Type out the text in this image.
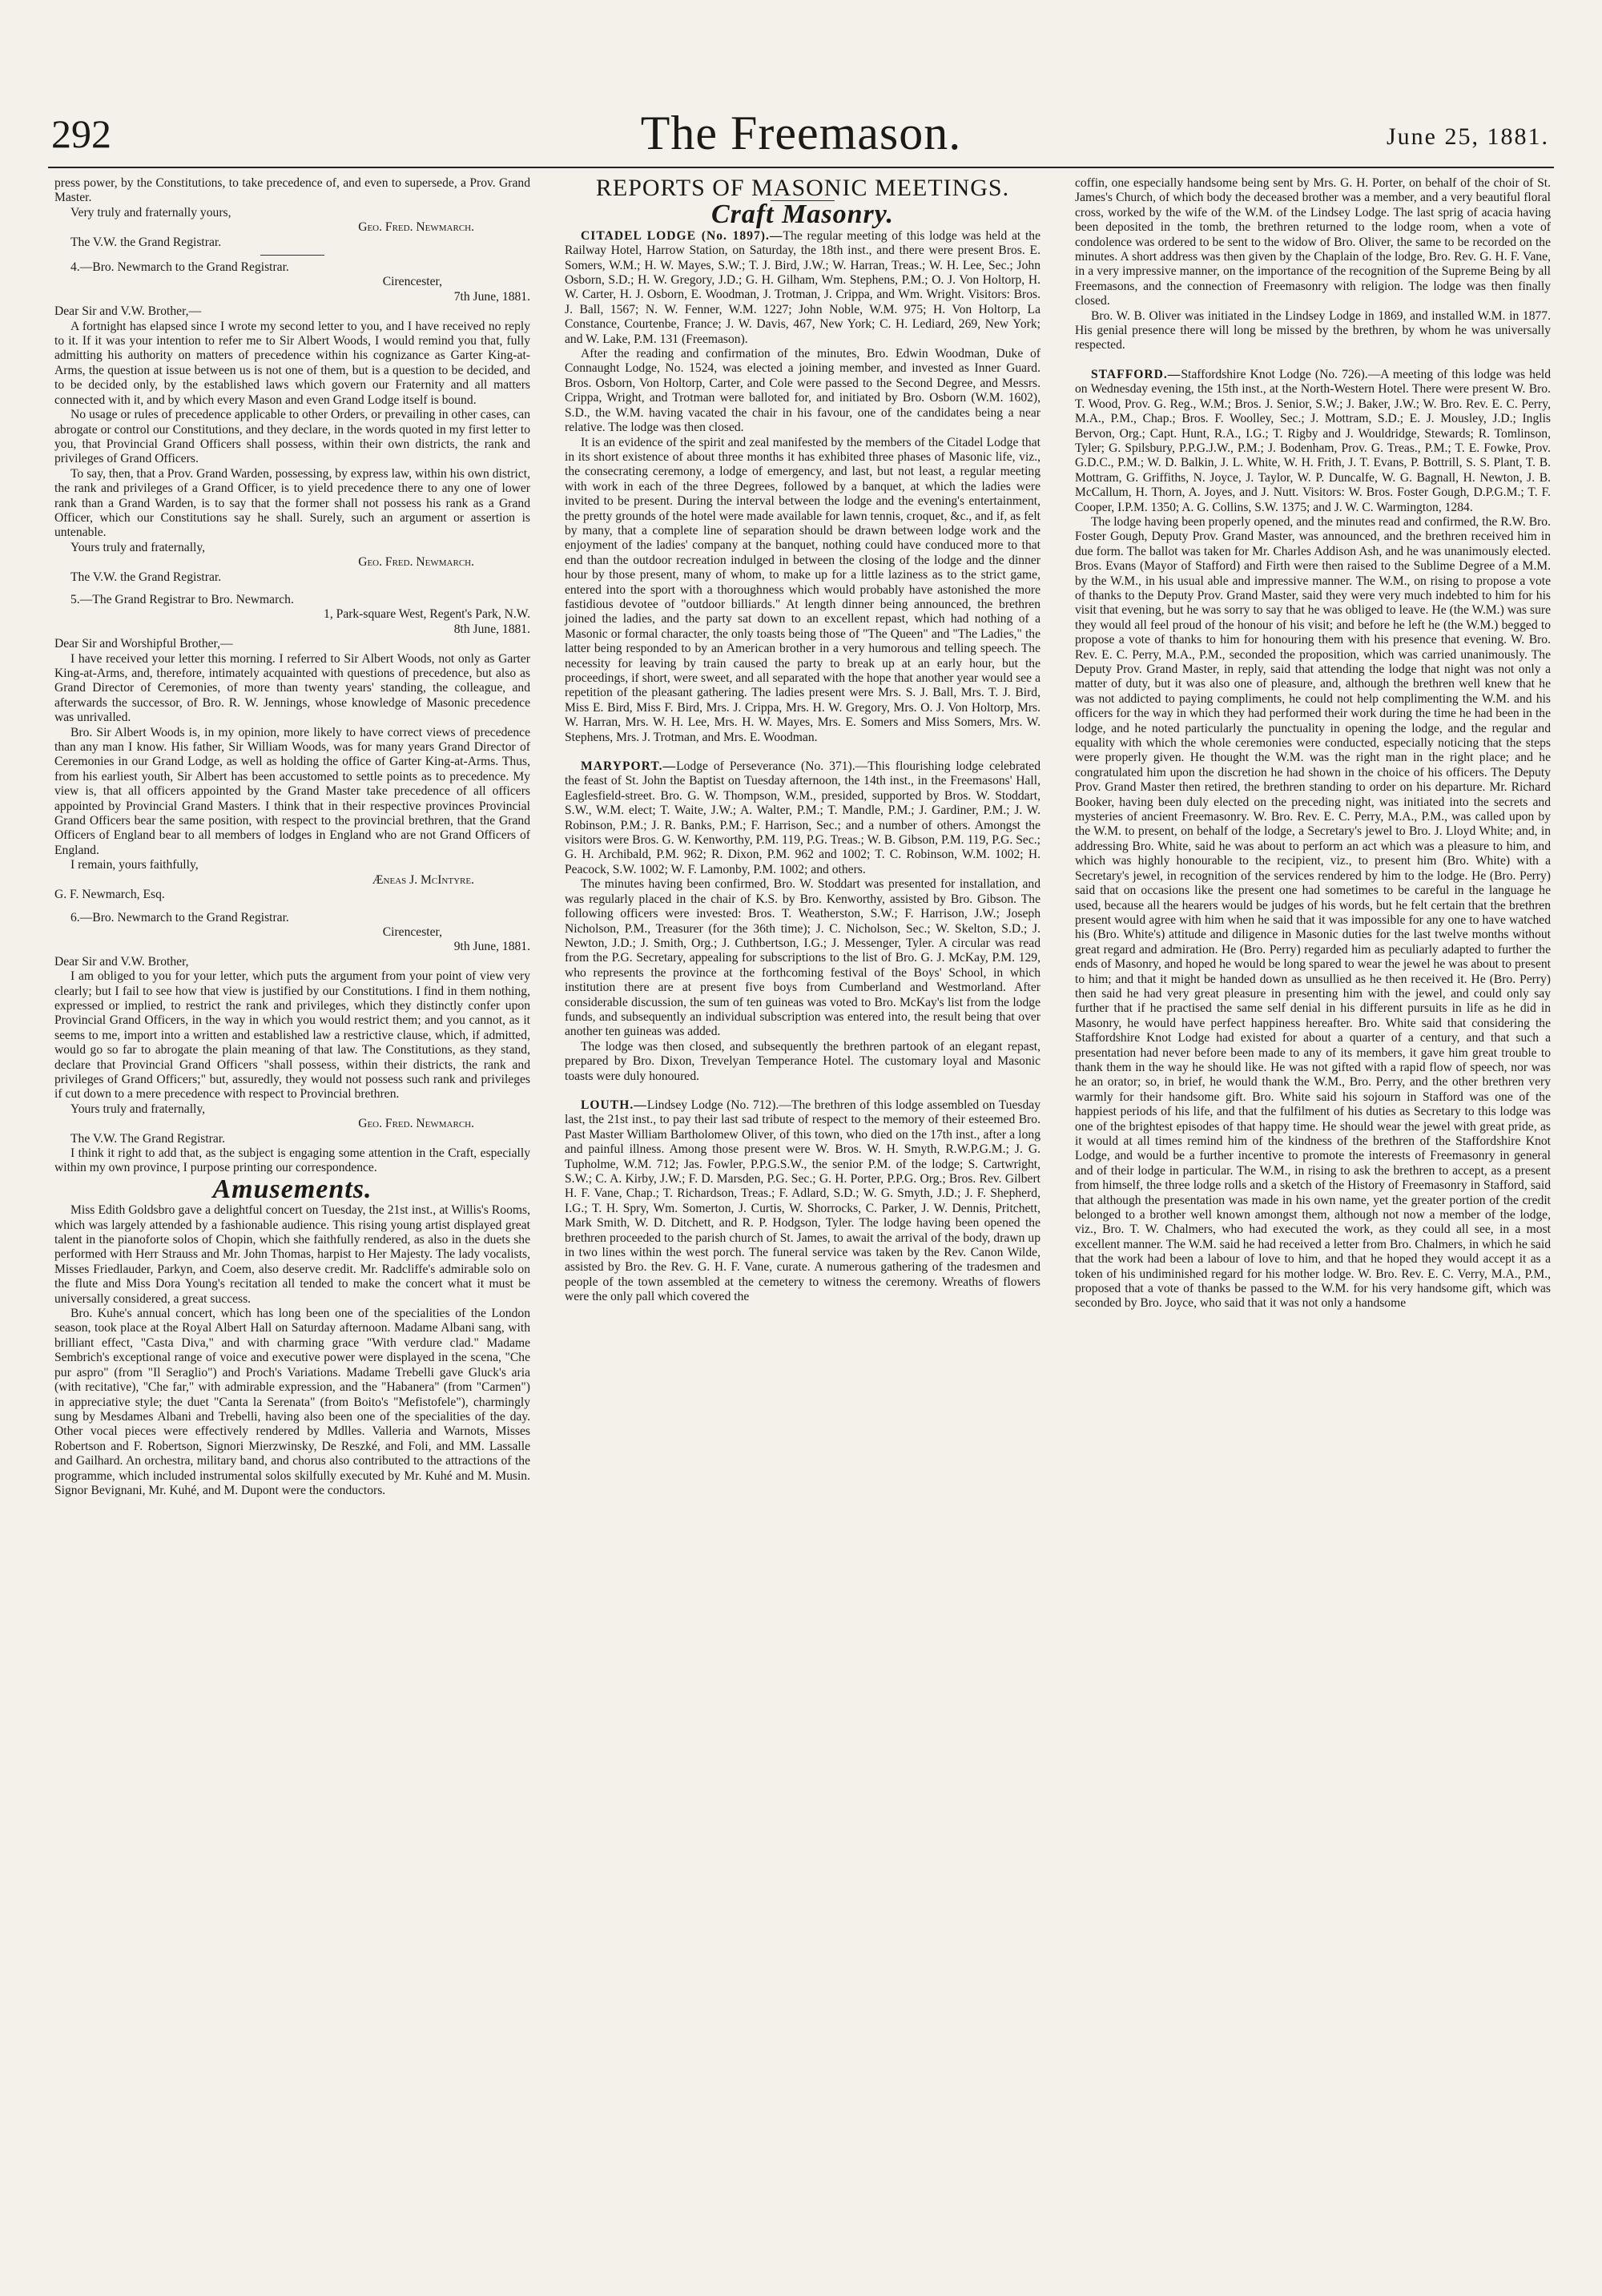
292	The Freemason.	June 25, 1881.

press power, by the Constitutions, to take precedence of, and even to supersede, a Prov. Grand Master.

Very truly and fraternally yours,

Geo. Fred. Newmarch.

The V.W. the Grand Registrar.

4.—Bro. Newmarch to the Grand Registrar.

Cirencester,

7th June, 1881.

Dear Sir and V.W. Brother,—

A fortnight has elapsed since I wrote my second letter to you, and I have received no reply to it. If it was your intention to refer me to Sir Albert Woods, I would remind you that, fully admitting his authority on matters of precedence within his cognizance as Garter King-at-Arms, the question at issue between us is not one of them, but is a question to be decided, and to be decided only, by the established laws which govern our Fraternity and all matters connected with it, and by which every Mason and even Grand Lodge itself is bound.

No usage or rules of precedence applicable to other Orders, or prevailing in other cases, can abrogate or control our Constitutions, and they declare, in the words quoted in my first letter to you, that Provincial Grand Officers shall possess, within their own districts, the rank and privileges of Grand Officers.

To say, then, that a Prov. Grand Warden, possessing, by express law, within his own district, the rank and privileges of a Grand Officer, is to yield precedence there to any one of lower rank than a Grand Warden, is to say that the former shall not possess his rank as a Grand Officer, which our Constitutions say he shall. Surely, such an argument or assertion is untenable.

Yours truly and fraternally,

Geo. Fred. Newmarch.

The V.W. the Grand Registrar.

5.—The Grand Registrar to Bro. Newmarch.

1, Park-square West, Regent's Park, N.W.

8th June, 1881.

Dear Sir and Worshipful Brother,—

I have received your letter this morning. I referred to Sir Albert Woods, not only as Garter King-at-Arms, and, therefore, intimately acquainted with questions of precedence, but also as Grand Director of Ceremonies, of more than twenty years' standing, the colleague, and afterwards the successor, of Bro. R. W. Jennings, whose knowledge of Masonic precedence was unrivalled.

Bro. Sir Albert Woods is, in my opinion, more likely to have correct views of precedence than any man I know. His father, Sir William Woods, was for many years Grand Director of Ceremonies in our Grand Lodge, as well as holding the office of Garter King-at-Arms. Thus, from his earliest youth, Sir Albert has been accustomed to settle points as to precedence. My view is, that all officers appointed by the Grand Master take precedence of all officers appointed by Provincial Grand Masters. I think that in their respective provinces Provincial Grand Officers bear the same position, with respect to the provincial brethren, that the Grand Officers of England bear to all members of lodges in England who are not Grand Officers of England.

I remain, yours faithfully,

Æneas J. McIntyre.

G. F. Newmarch, Esq.

6.—Bro. Newmarch to the Grand Registrar.

Cirencester,

9th June, 1881.

Dear Sir and V.W. Brother,

I am obliged to you for your letter, which puts the argument from your point of view very clearly; but I fail to see how that view is justified by our Constitutions. I find in them nothing, expressed or implied, to restrict the rank and privileges, which they distinctly confer upon Provincial Grand Officers, in the way in which you would restrict them; and you cannot, as it seems to me, import into a written and established law a restrictive clause, which, if admitted, would go so far to abrogate the plain meaning of that law. The Constitutions, as they stand, declare that Provincial Grand Officers "shall possess, within their districts, the rank and privileges of Grand Officers;" but, assuredly, they would not possess such rank and privileges if cut down to a mere precedence with respect to Provincial brethren.

Yours truly and fraternally,

Geo. Fred. Newmarch.

The V.W. The Grand Registrar.

I think it right to add that, as the subject is engaging some attention in the Craft, especially within my own province, I purpose printing our correspondence.

Amusements.

Miss Edith Goldsbro gave a delightful concert on Tuesday, the 21st inst., at Willis's Rooms, which was largely attended by a fashionable audience. This rising young artist displayed great talent in the pianoforte solos of Chopin, which she faithfully rendered, as also in the duets she performed with Herr Strauss and Mr. John Thomas, harpist to Her Majesty. The lady vocalists, Misses Friedlauder, Parkyn, and Coem, also deserve credit. Mr. Radcliffe's admirable solo on the flute and Miss Dora Young's recitation all tended to make the concert what it must be universally considered, a great success.

Bro. Kuhe's annual concert, which has long been one of the specialities of the London season, took place at the Royal Albert Hall on Saturday afternoon. Madame Albani sang, with brilliant effect, "Casta Diva," and with charming grace "With verdure clad." Madame Sembrich's exceptional range of voice and executive power were displayed in the scena, "Che pur aspro" (from "Il Seraglio") and Proch's Variations. Madame Trebelli gave Gluck's aria (with recitative), "Che far," with admirable expression, and the "Habanera" (from "Carmen") in appreciative style; the duet "Canta la Serenata" (from Boito's "Mefistofele"), charmingly sung by Mesdames Albani and Trebelli, having also been one of the specialities of the day. Other vocal pieces were effectively rendered by Mdlles. Valleria and Warnots, Misses Robertson and F. Robertson, Signori Mierzwinsky, De Reszké, and Foli, and MM. Lassalle and Gailhard. An orchestra, military band, and chorus also contributed to the attractions of the programme, which included instrumental solos skilfully executed by Mr. Kuhé and M. Musin. Signor Bevignani, Mr. Kuhé, and M. Dupont were the conductors.

REPORTS OF MASONIC MEETINGS.
Craft Masonry.

CITADEL LODGE (No. 1897).—The regular meeting of this lodge was held at the Railway Hotel, Harrow Station, on Saturday, the 18th inst., and there were present Bros. E. Somers, W.M.; H. W. Mayes, S.W.; T. J. Bird, J.W.; W. Harran, Treas.; W. H. Lee, Sec.; John Osborn, S.D.; H. W. Gregory, J.D.; G. H. Gilham, Wm. Stephens, P.M.; O. J. Von Holtorp, H. W. Carter, H. J. Osborn, E. Woodman, J. Trotman, J. Crippa, and Wm. Wright. Visitors: Bros. J. Ball, 1567; N. W. Fenner, W.M. 1227; John Noble, W.M. 975; H. Von Holtorp, La Constance, Courtenbe, France; J. W. Davis, 467, New York; C. H. Lediard, 269, New York; and W. Lake, P.M. 131 (Freemason).

After the reading and confirmation of the minutes, Bro. Edwin Woodman, Duke of Connaught Lodge, No. 1524, was elected a joining member, and invested as Inner Guard. Bros. Osborn, Von Holtorp, Carter, and Cole were passed to the Second Degree, and Messrs. Crippa, Wright, and Trotman were balloted for, and initiated by Bro. Osborn (W.M. 1602), S.D., the W.M. having vacated the chair in his favour, one of the candidates being a near relative. The lodge was then closed.

It is an evidence of the spirit and zeal manifested by the members of the Citadel Lodge that in its short existence of about three months it has exhibited three phases of Masonic life, viz., the consecrating ceremony, a lodge of emergency, and last, but not least, a regular meeting with work in each of the three Degrees, followed by a banquet, at which the ladies were invited to be present. During the interval between the lodge and the evening's entertainment, the pretty grounds of the hotel were made available for lawn tennis, croquet, &c., and if, as felt by many, that a complete line of separation should be drawn between lodge work and the enjoyment of the ladies' company at the banquet, nothing could have conduced more to that end than the outdoor recreation indulged in between the closing of the lodge and the dinner hour by those present, many of whom, to make up for a little laziness as to the strict game, entered into the sport with a thoroughness which would probably have astonished the more fastidious devotee of "outdoor billiards." At length dinner being announced, the brethren joined the ladies, and the party sat down to an excellent repast, which had nothing of a Masonic or formal character, the only toasts being those of "The Queen" and "The Ladies," the latter being responded to by an American brother in a very humorous and telling speech. The necessity for leaving by train caused the party to break up at an early hour, but the proceedings, if short, were sweet, and all separated with the hope that another year would see a repetition of the pleasant gathering. The ladies present were Mrs. S. J. Ball, Mrs. T. J. Bird, Miss E. Bird, Miss F. Bird, Mrs. J. Crippa, Mrs. H. W. Gregory, Mrs. O. J. Von Holtorp, Mrs. W. Harran, Mrs. W. H. Lee, Mrs. H. W. Mayes, Mrs. E. Somers and Miss Somers, Mrs. W. Stephens, Mrs. J. Trotman, and Mrs. E. Woodman.

MARYPORT.—Lodge of Perseverance (No. 371).—This flourishing lodge celebrated the feast of St. John the Baptist on Tuesday afternoon, the 14th inst., in the Freemasons' Hall, Eaglesfield-street. Bro. G. W. Thompson, W.M., presided, supported by Bros. W. Stoddart, S.W., W.M. elect; T. Waite, J.W.; A. Walter, P.M.; T. Mandle, P.M.; J. Gardiner, P.M.; J. W. Robinson, P.M.; J. R. Banks, P.M.; F. Harrison, Sec.; and a number of others. Amongst the visitors were Bros. G. W. Kenworthy, P.M. 119, P.G. Treas.; W. B. Gibson, P.M. 119, P.G. Sec.; G. H. Archibald, P.M. 962; R. Dixon, P.M. 962 and 1002; T. C. Robinson, W.M. 1002; H. Peacock, S.W. 1002; W. F. Lamonby, P.M. 1002; and others.

The minutes having been confirmed, Bro. W. Stoddart was presented for installation, and was regularly placed in the chair of K.S. by Bro. Kenworthy, assisted by Bro. Gibson. The following officers were invested: Bros. T. Weatherston, S.W.; F. Harrison, J.W.; Joseph Nicholson, P.M., Treasurer (for the 36th time); J. C. Nicholson, Sec.; W. Skelton, S.D.; J. Newton, J.D.; J. Smith, Org.; J. Cuthbertson, I.G.; J. Messenger, Tyler. A circular was read from the P.G. Secretary, appealing for subscriptions to the list of Bro. G. J. McKay, P.M. 129, who represents the province at the forthcoming festival of the Boys' School, in which institution there are at present five boys from Cumberland and Westmorland. After considerable discussion, the sum of ten guineas was voted to Bro. McKay's list from the lodge funds, and subsequently an individual subscription was entered into, the result being that over another ten guineas was added.

The lodge was then closed, and subsequently the brethren partook of an elegant repast, prepared by Bro. Dixon, Trevelyan Temperance Hotel. The customary loyal and Masonic toasts were duly honoured.

LOUTH.—Lindsey Lodge (No. 712).—The brethren of this lodge assembled on Tuesday last, the 21st inst., to pay their last sad tribute of respect to the memory of their esteemed Bro. Past Master William Bartholomew Oliver, of this town, who died on the 17th inst., after a long and painful illness. Among those present were W. Bros. W. H. Smyth, R.W.P.G.M.; J. G. Tupholme, W.M. 712; Jas. Fowler, P.P.G.S.W., the senior P.M. of the lodge; S. Cartwright, S.W.; C. A. Kirby, J.W.; F. D. Marsden, P.G. Sec.; G. H. Porter, P.P.G. Org.; Bros. Rev. Gilbert H. F. Vane, Chap.; T. Richardson, Treas.; F. Adlard, S.D.; W. G. Smyth, J.D.; J. F. Shepherd, I.G.; T. H. Spry, Wm. Somerton, J. Curtis, W. Shorrocks, C. Parker, J. W. Dennis, Pritchett, Mark Smith, W. D. Ditchett, and R. P. Hodgson, Tyler. The lodge having been opened the brethren proceeded to the parish church of St. James, to await the arrival of the body, drawn up in two lines within the west porch. The funeral service was taken by the Rev. Canon Wilde, assisted by Bro. the Rev. G. H. F. Vane, curate. A numerous gathering of the tradesmen and people of the town assembled at the cemetery to witness the ceremony. Wreaths of flowers were the only pall which covered the

coffin, one especially handsome being sent by Mrs. G. H. Porter, on behalf of the choir of St. James's Church, of which body the deceased brother was a member, and a very beautiful floral cross, worked by the wife of the W.M. of the Lindsey Lodge. The last sprig of acacia having been deposited in the tomb, the brethren returned to the lodge room, when a vote of condolence was ordered to be sent to the widow of Bro. Oliver, the same to be recorded on the minutes. A short address was then given by the Chaplain of the lodge, Bro. Rev. G. H. F. Vane, in a very impressive manner, on the importance of the recognition of the Supreme Being by all Freemasons, and the connection of Freemasonry with religion. The lodge was then finally closed.

Bro. W. B. Oliver was initiated in the Lindsey Lodge in 1869, and installed W.M. in 1877. His genial presence there will long be missed by the brethren, by whom he was universally respected.

STAFFORD.—Staffordshire Knot Lodge (No. 726).—A meeting of this lodge was held on Wednesday evening, the 15th inst., at the North-Western Hotel. There were present W. Bro. T. Wood, Prov. G. Reg., W.M.; Bros. J. Senior, S.W.; J. Baker, J.W.; W. Bro. Rev. E. C. Perry, M.A., P.M., Chap.; Bros. F. Woolley, Sec.; J. Mottram, S.D.; E. J. Mousley, J.D.; Inglis Bervon, Org.; Capt. Hunt, R.A., I.G.; T. Rigby and J. Wouldridge, Stewards; R. Tomlinson, Tyler; G. Spilsbury, P.P.G.J.W., P.M.; J. Bodenham, Prov. G. Treas., P.M.; T. E. Fowke, Prov. G.D.C., P.M.; W. D. Balkin, J. L. White, W. H. Frith, J. T. Evans, P. Bottrill, S. S. Plant, T. B. Mottram, G. Griffiths, N. Joyce, J. Taylor, W. P. Duncalfe, W. G. Bagnall, H. Newton, J. B. McCallum, H. Thorn, A. Joyes, and J. Nutt. Visitors: W. Bros. Foster Gough, D.P.G.M.; T. F. Cooper, I.P.M. 1350; A. G. Collins, S.W. 1375; and J. W. C. Warmington, 1284.

The lodge having been properly opened, and the minutes read and confirmed, the R.W. Bro. Foster Gough, Deputy Prov. Grand Master, was announced, and the brethren received him in due form. The ballot was taken for Mr. Charles Addison Ash, and he was unanimously elected. Bros. Evans (Mayor of Stafford) and Firth were then raised to the Sublime Degree of a M.M. by the W.M., in his usual able and impressive manner. The W.M., on rising to propose a vote of thanks to the Deputy Prov. Grand Master, said they were very much indebted to him for his visit that evening, but he was sorry to say that he was obliged to leave. He (the W.M.) was sure they would all feel proud of the honour of his visit; and before he left he (the W.M.) begged to propose a vote of thanks to him for honouring them with his presence that evening. W. Bro. Rev. E. C. Perry, M.A., P.M., seconded the proposition, which was carried unanimously. The Deputy Prov. Grand Master, in reply, said that attending the lodge that night was not only a matter of duty, but it was also one of pleasure, and, although the brethren well knew that he was not addicted to paying compliments, he could not help complimenting the W.M. and his officers for the way in which they had performed their work during the time he had been in the lodge, and he noted particularly the punctuality in opening the lodge, and the regular and equality with which the whole ceremonies were conducted, especially noticing that the steps were properly given. He thought the W.M. was the right man in the right place; and he congratulated him upon the discretion he had shown in the choice of his officers. The Deputy Prov. Grand Master then retired, the brethren standing to order on his departure. Mr. Richard Booker, having been duly elected on the preceding night, was initiated into the secrets and mysteries of ancient Freemasonry. W. Bro. Rev. E. C. Perry, M.A., P.M., was called upon by the W.M. to present, on behalf of the lodge, a Secretary's jewel to Bro. J. Lloyd White; and, in addressing Bro. White, said he was about to perform an act which was a pleasure to him, and which was highly honourable to the recipient, viz., to present him (Bro. White) with a Secretary's jewel, in recognition of the services rendered by him to the lodge. He (Bro. Perry) said that on occasions like the present one had sometimes to be careful in the language he used, because all the hearers would be judges of his words, but he felt certain that the brethren present would agree with him when he said that it was impossible for any one to have watched his (Bro. White's) attitude and diligence in Masonic duties for the last twelve months without great regard and admiration. He (Bro. Perry) regarded him as peculiarly adapted to further the ends of Masonry, and hoped he would be long spared to wear the jewel he was about to present to him; and that it might be handed down as unsullied as he then received it. He (Bro. Perry) then said he had very great pleasure in presenting him with the jewel, and could only say further that if he practised the same self denial in his different pursuits in life as he did in Masonry, he would have perfect happiness hereafter. Bro. White said that considering the Staffordshire Knot Lodge had existed for about a quarter of a century, and that such a presentation had never before been made to any of its members, it gave him great trouble to thank them in the way he should like. He was not gifted with a rapid flow of speech, nor was he an orator; so, in brief, he would thank the W.M., Bro. Perry, and the other brethren very warmly for their handsome gift. Bro. White said his sojourn in Stafford was one of the happiest periods of his life, and that the fulfilment of his duties as Secretary to this lodge was one of the brightest episodes of that happy time. He should wear the jewel with great pride, as it would at all times remind him of the kindness of the brethren of the Staffordshire Knot Lodge, and would be a further incentive to promote the interests of Freemasonry in general and of their lodge in particular. The W.M., in rising to ask the brethren to accept, as a present from himself, the three lodge rolls and a sketch of the History of Freemasonry in Stafford, said that although the presentation was made in his own name, yet the greater portion of the credit belonged to a brother well known amongst them, although not now a member of the lodge, viz., Bro. T. W. Chalmers, who had executed the work, as they could all see, in a most excellent manner. The W.M. said he had received a letter from Bro. Chalmers, in which he said that the work had been a labour of love to him, and that he hoped they would accept it as a token of his undiminished regard for his mother lodge. W. Bro. Rev. E. C. Verry, M.A., P.M., proposed that a vote of thanks be passed to the W.M. for his very handsome gift, which was seconded by Bro. Joyce, who said that it was not only a handsome
